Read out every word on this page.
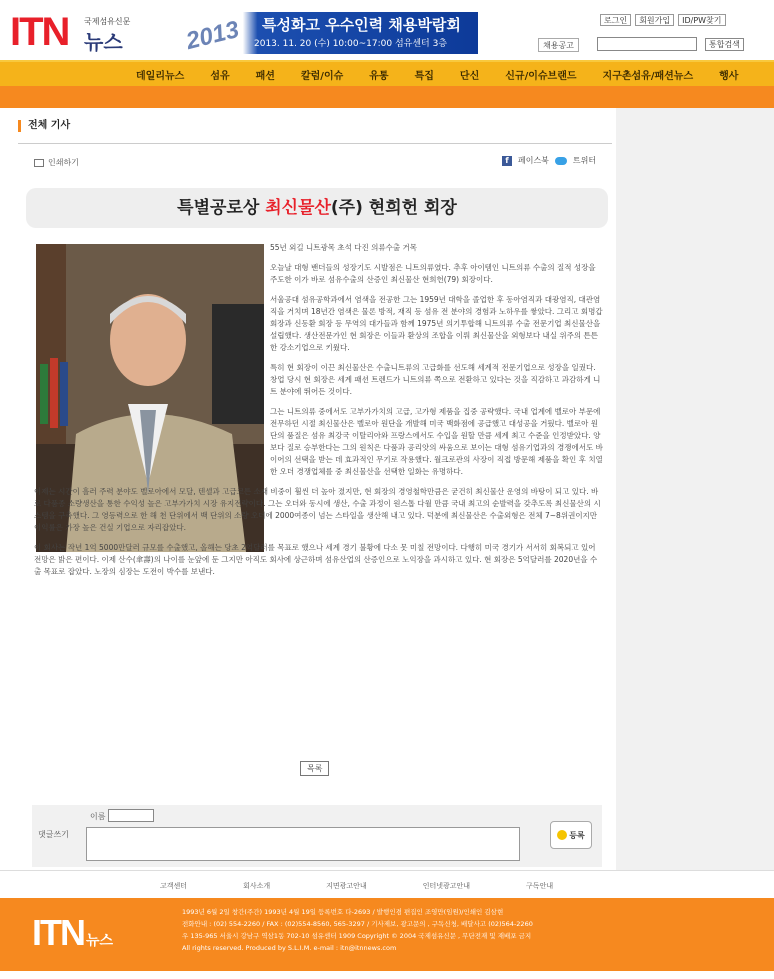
ITN 국제섬유신문
뉴스	2013 특성화고 우수인력 채용박람회
2013. 11. 20 (수) 10:00~17:00 섬유센터 3층
로그인	회원가입	ID/PW찾기
채용공고	통합검색
데일리뉴스	섬유	패션	칼럼/이슈	유통	특집	단신	신규/이슈브랜드	지구촌섬유/패션뉴스	행사
전체 기사
인쇄하기	f	페이스북	트위터
특별공로상 최신물산(주) 현희헌 회장

55년 외길 니트광목 초석 다진 의류수출 거목

오늘날 대형 밴더들의 성장기도 시발점은 니트의류였다. 추후 아이템인 니트의류 수출의 질적 성장을 주도한 이가 바로 섬유수출의 산증인 최신물산 현희헌(79) 회장이다.

서울공대 섬유공학과에서 염색을 전공한 그는 1959년 대학을 졸업한 후 동아염직과 대광염직, 대관염직을 거치며 18년간 염색은 물론 방적, 재직 등 섬유 전 분야의 경험과 노하우를 쌓았다. 그리고 회명갑 회장과 신동환 회장 등 무역의 대가들과 함께 1975년 의기투합해 니트의류 수출 전문기업 최신물산을 설립했다. 생산전문가인 현 회장은 이들과 환상의 조합을 이뤄 최신물산을 외형보다 내실 위주의 튼튼한 강소기업으로 키웠다.

특히 현 회장이 이끈 최신물산은 수출니트류의 고급화를 선도해 세계적 전문기업으로 성장을 일궜다. 창업 당시 현 회장은 세계 패션 트렌드가 니트의류 쪽으로 전환하고 있다는 것을 직감하고 과감하게 니트 분야에 뛰어든 것이다.

그는 니트의류 중에서도 고부가가치의 고급, 고가형 제품을 집중 공략했다. 국내 업계에 벨로아 부문에 전무하던 시절 최신물산은 벨로아 원단을 개발해 미국 백화점에 공급했고 대성공을 거뒀다. 벨로아 원단의 품질은 섬유 최강국 이탈리아와 프랑스에서도 수입을 원할 만큼 세계 최고 수준을 인정받았다. 양보다 질로 승부한다는 그의 원칙은 다품과 공리앗의 싸움으로 보이는 대형 섬유기업과의 경쟁에서도 바이어의 선택을 받는 데 효과적인 무기로 작용했다. 월크로관의 사장이 직접 방문해 제품을 확인 후 치열한 오더 경쟁업체를 중 최신물산을 선택한 일화는 유명하다.

이제는 시간이 흘러 주력 분야도 벨로아에서 모달, 텐셀과 고급코튼 소재 비중이 훨씬 더 높아 졌지만, 현 회장의 경영철학만큼은 굳건히 최신물산 운영의 바탕이 되고 있다. 바로 다품종 소량생산을 통한 수익성 높은 고부가가치 시장 유지전략이다. 그는 오더와 동시에 생산, 수출 과정이 원스톱 다월 만큼 국내 최고의 순발력을 갖추도록 최신물산의 시스템을 구축했다. 그 영등력으로 한 해 천 단위에서 백 단위의 소량 오더에 2000여종이 넘는 스타일을 생산해 내고 있다. 덕분에 최신물산은 수출외형은 전체 7~8위권이지만 이익률은 가장 높은 건실 기업으로 자리잡았다.

이 회사는 작년 1억 5000만달러 규모를 수출했고, 올해는 당초 2억달러를 목표로 했으나 세계 경기 불황에 다소 못 미칠 전망이다. 다행히 미국 경기가 서서히 회복되고 있어 전망은 밝은 편이다. 이제 산수(傘壽)의 나이를 눈앞에 둔 그지만 아직도 회사에 상근하며 섬유산업의 산증인으로 노익장을 과시하고 있다. 현 회장은 5억달러를 2020년을 수출 목표로 잡았다. 노장의 심장는 도전이 박수를 보낸다.

목록
댓글쓰기
이름
등록
고객센터	회사소개	지면광고안내	인터넷광고안내	구독안내
ITN 뉴스
1993년 6월 2일 창간(주간) 1993년 4월 19일 등록번호 다-2693 / 발행인겸 편집인 조영만(임원)/인쇄인 김삼현
전화안내 : (02) 554-2260 / FAX : (02)554-8560, 565-3297 / 기사제보, 광고문의 , 구독신청, 배달사고 (02)564-2260
우 135-965 서울시 강남구 역삼1동 702-10 섬유센터 1909 Copyright © 2004 국제섬유신문 , 무단전재 및 재배포 금지
All rights reserved. Produced by S.L.I.M. e-mail : itn@itnnews.com
